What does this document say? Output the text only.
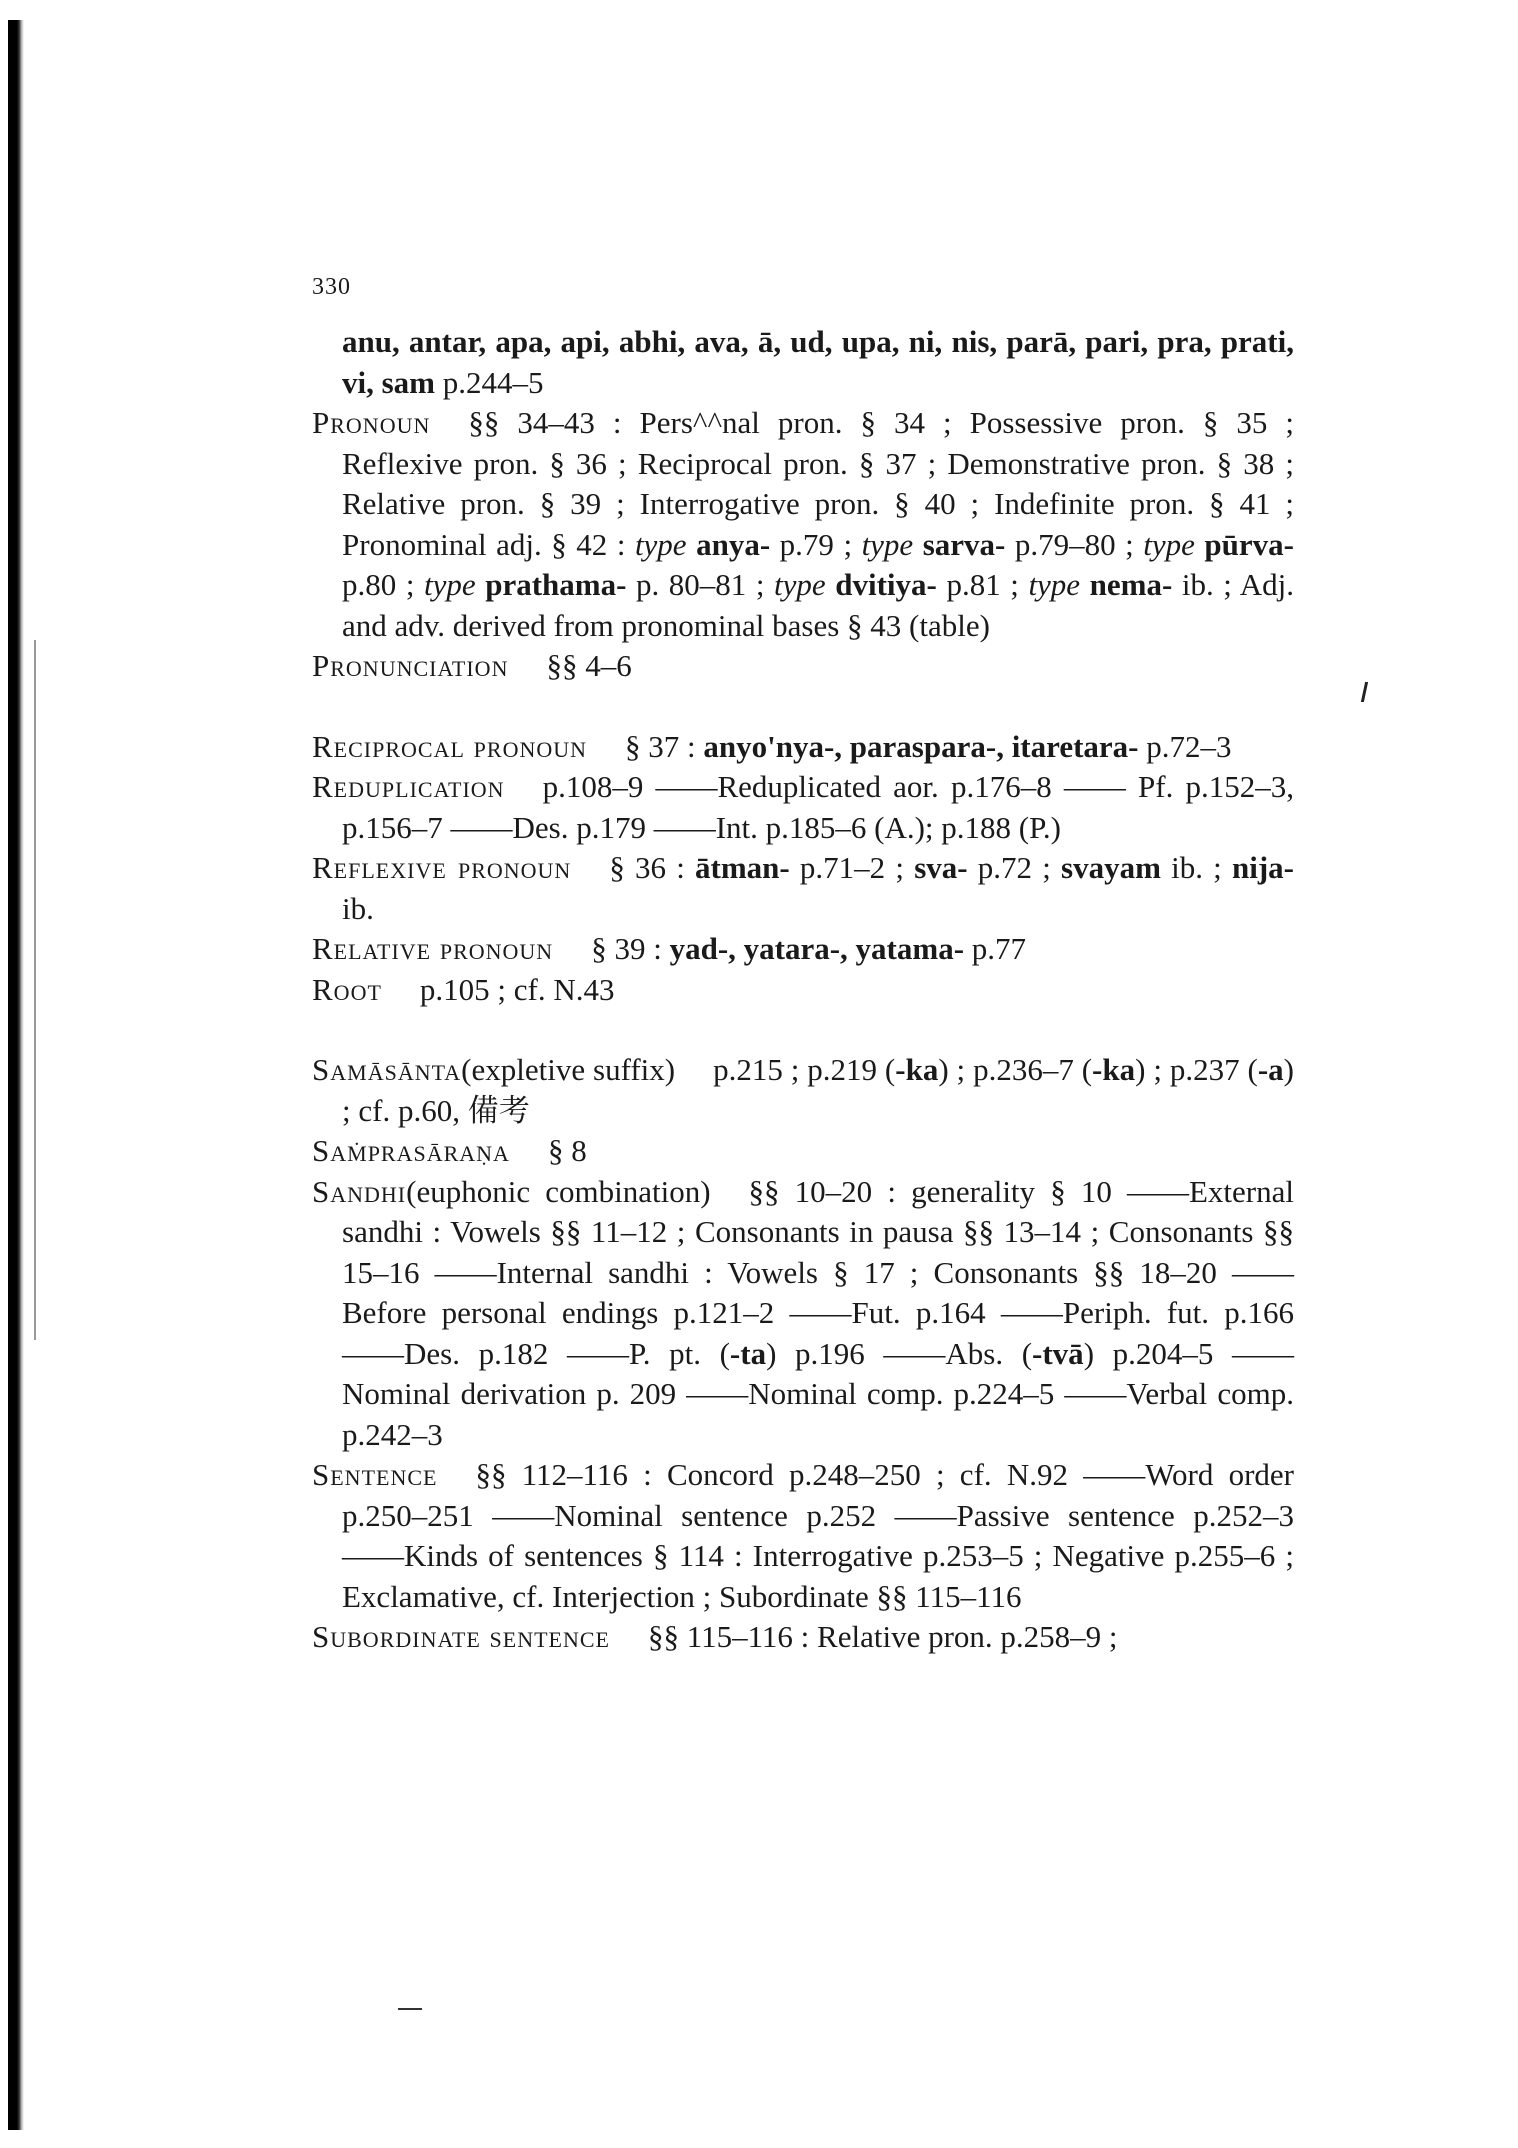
330
anu, antar, apa, api, abhi, ava, ā, ud, upa, ni, nis, parā, pari, pra, prati, vi, sam p.244–5
Pronoun §§ 34–43 : Pers^^nal pron. § 34 ; Possessive pron. § 35 ; Reflexive pron. § 36 ; Reciprocal pron. § 37 ; Demonstrative pron. § 38 ; Relative pron. § 39 ; Interrogative pron. § 40 ; Indefinite pron. § 41 ; Pronominal adj. § 42 : type anya- p.79 ; type sarva- p.79–80 ; type pūrva- p.80 ; type prathama- p. 80–81 ; type dvitiya- p.81 ; type nema- ib. ; Adj. and adv. derived from pronominal bases § 43 (table)
Pronunciation §§ 4–6
Reciprocal pronoun § 37 : anyo'nya-, paraspara-, itaretara- p.72–3
Reduplication p.108–9 ——Reduplicated aor. p.176–8 —— Pf. p.152–3, p.156–7 ——Des. p.179 ——Int. p.185–6 (A.); p.188 (P.)
Reflexive pronoun § 36 : ātman- p.71–2 ; sva- p.72 ; svayam ib. ; nija- ib.
Relative pronoun § 39 : yad-, yatara-, yatama- p.77
Root p.105 ; cf. N.43
Samāsānta(expletive suffix) p.215 ; p.219 (-ka) ; p.236–7 (-ka) ; p.237 (-a) ; cf. p.60, 備考
Saṁprasāraṇa § 8
Sandhi(euphonic combination) §§ 10–20 : generality § 10 ——External sandhi : Vowels §§ 11–12 ; Consonants in pausa §§ 13–14 ; Consonants §§ 15–16 ——Internal sandhi : Vowels § 17 ; Consonants §§ 18–20 ——Before personal endings p.121–2 ——Fut. p.164 ——Periph. fut. p.166 ——Des. p.182 ——P. pt. (-ta) p.196 ——Abs. (-tvā) p.204–5 ——Nominal derivation p. 209 ——Nominal comp. p.224–5 ——Verbal comp. p.242–3
Sentence §§ 112–116 : Concord p.248–250 ; cf. N.92 ——Word order p.250–251 ——Nominal sentence p.252 ——Passive sentence p.252–3 ——Kinds of sentences § 114 : Interrogative p.253–5 ; Negative p.255–6 ; Exclamative, cf. Interjection ; Subordinate §§ 115–116
Subordinate sentence §§ 115–116 : Relative pron. p.258–9 ;
